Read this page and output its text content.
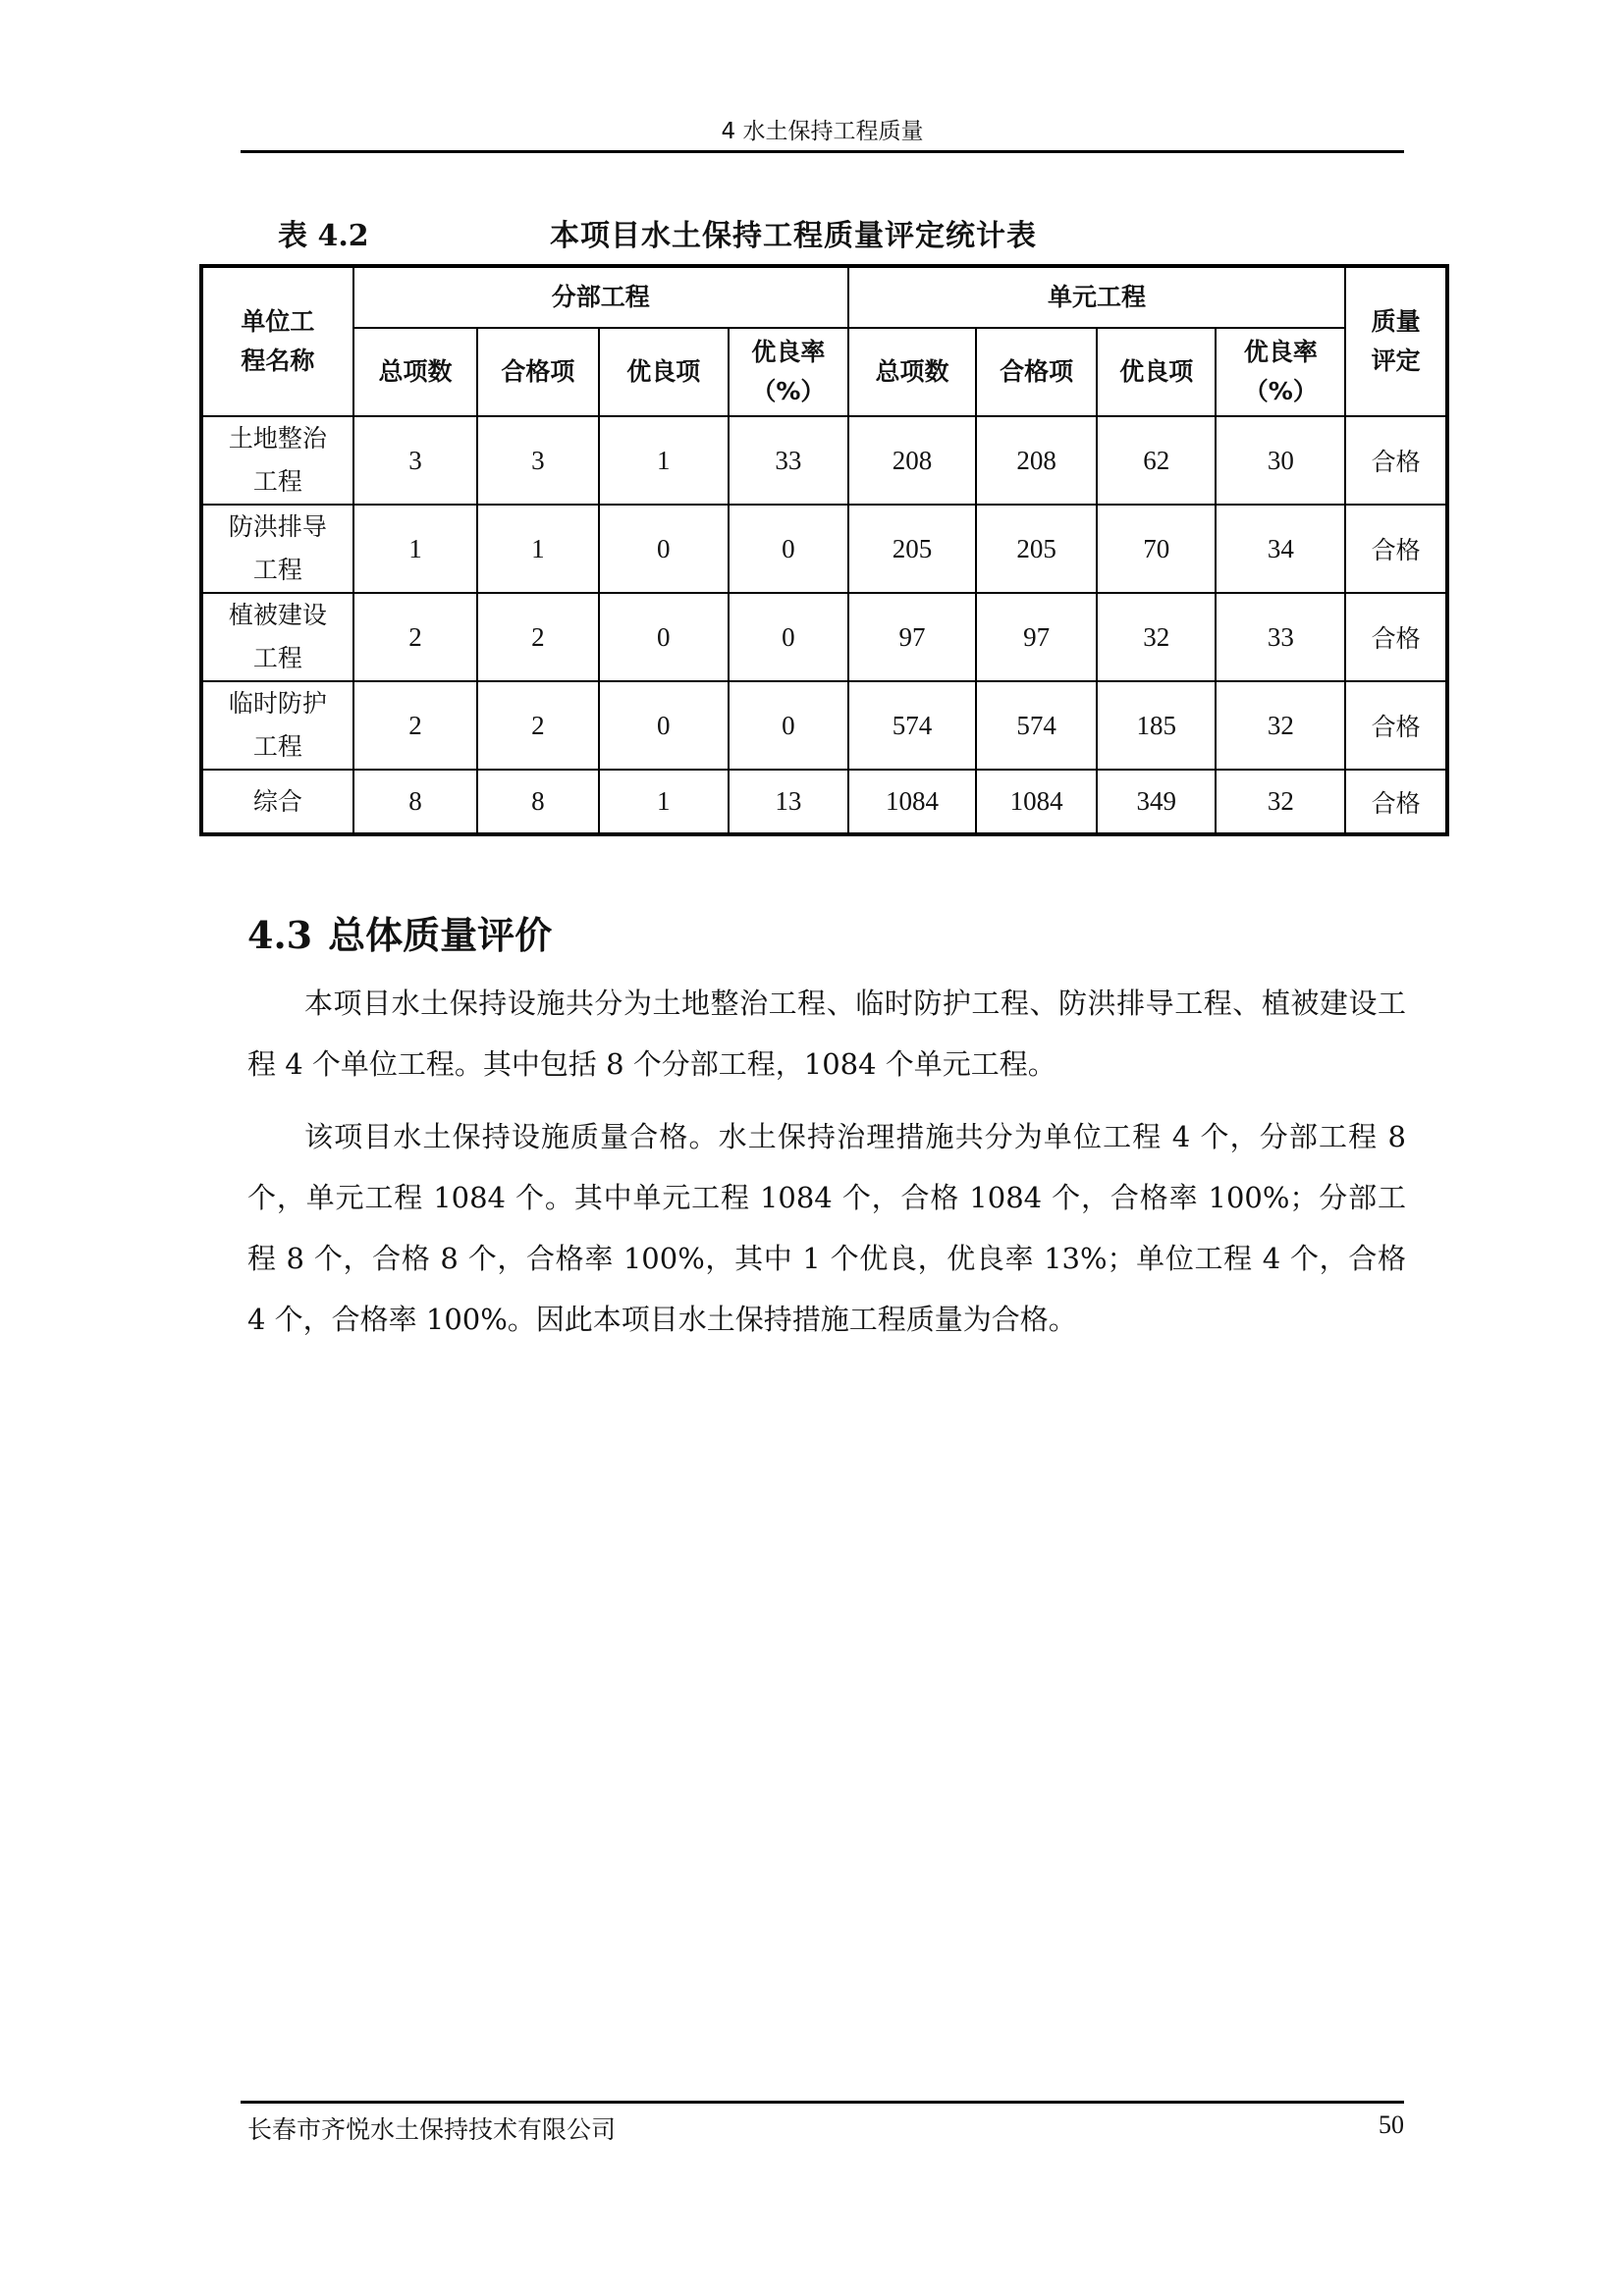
4 水土保持工程质量
表 4.2	本项目水土保持工程质量评定统计表
单位工程名称	分部工程				单元工程				质量评定
	总项数	合格项	优良项	优良率（%）	总项数	合格项	优良项	优良率（%）	
土地整治工程	3	3	1	33	208	208	62	30	合格
防洪排导工程	1	1	0	0	205	205	70	34	合格
植被建设工程	2	2	0	0	97	97	32	33	合格
临时防护工程	2	2	0	0	574	574	185	32	合格
综合	8	8	1	13	1084	1084	349	32	合格
4.3 总体质量评价

本项目水土保持设施共分为土地整治工程、临时防护工程、防洪排导工程、植被建设工程 4 个单位工程。其中包括 8 个分部工程，1084 个单元工程。

该项目水土保持设施质量合格。水土保持治理措施共分为单位工程 4 个，分部工程 8 个，单元工程 1084 个。其中单元工程 1084 个，合格 1084 个，合格率 100%；分部工程 8 个，合格 8 个，合格率 100%，其中 1 个优良，优良率 13%；单位工程 4 个，合格 4 个，合格率 100%。因此本项目水土保持措施工程质量为合格。

长春市齐悦水土保持技术有限公司	50
